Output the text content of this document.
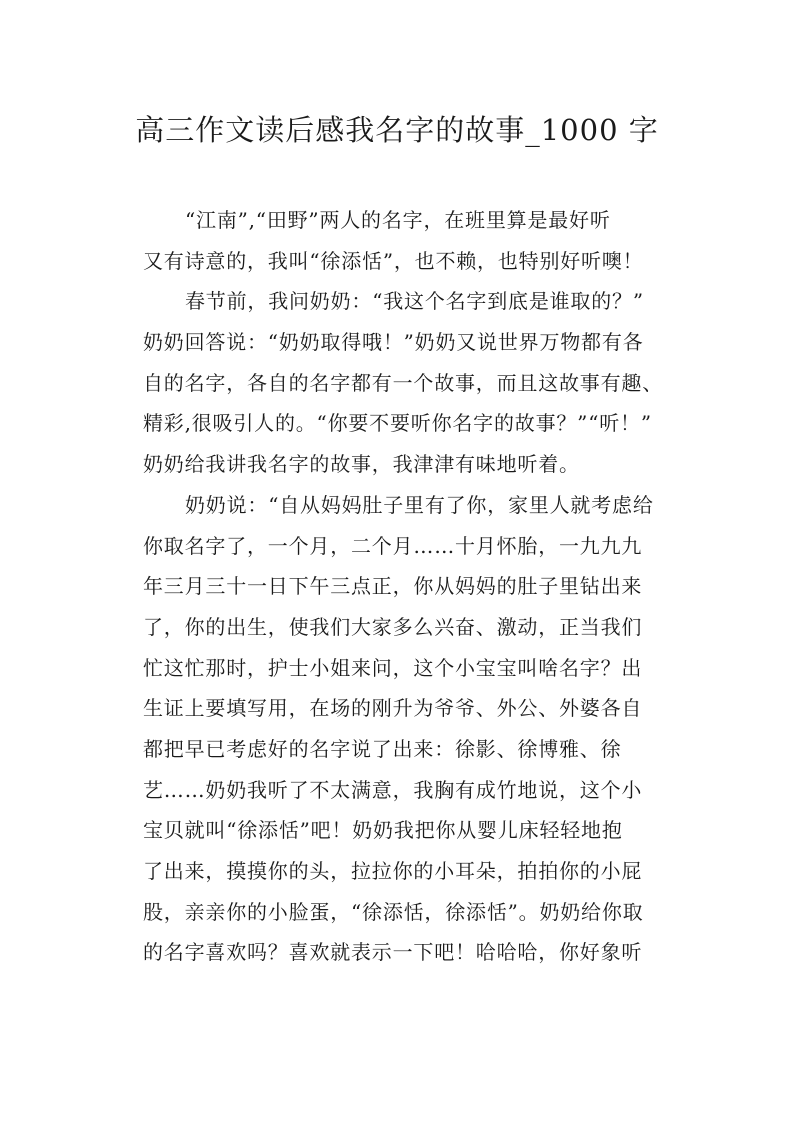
高三作文读后感我名字的故事_1000 字
“江南”,“田野”两人的名字，在班里算是最好听
又有诗意的，我叫“徐添恬”，也不赖，也特别好听噢！
春节前，我问奶奶：“我这个名字到底是谁取的？”
奶奶回答说：“奶奶取得哦！”奶奶又说世界万物都有各
自的名字，各自的名字都有一个故事，而且这故事有趣、
精彩,很吸引人的。“你要不要听你名字的故事？”“听！”
奶奶给我讲我名字的故事，我津津有味地听着。
奶奶说：“自从妈妈肚子里有了你，家里人就考虑给
你取名字了，一个月，二个月……十月怀胎，一九九九
年三月三十一日下午三点正，你从妈妈的肚子里钻出来
了，你的出生，使我们大家多么兴奋、激动，正当我们
忙这忙那时，护士小姐来问，这个小宝宝叫啥名字？出
生证上要填写用，在场的刚升为爷爷、外公、外婆各自
都把早已考虑好的名字说了出来：徐影、徐博雅、徐
艺……奶奶我听了不太满意，我胸有成竹地说，这个小
宝贝就叫“徐添恬”吧！奶奶我把你从婴儿床轻轻地抱
了出来，摸摸你的头，拉拉你的小耳朵，拍拍你的小屁
股，亲亲你的小脸蛋，“徐添恬，徐添恬”。奶奶给你取
的名字喜欢吗？喜欢就表示一下吧！哈哈哈，你好象听
